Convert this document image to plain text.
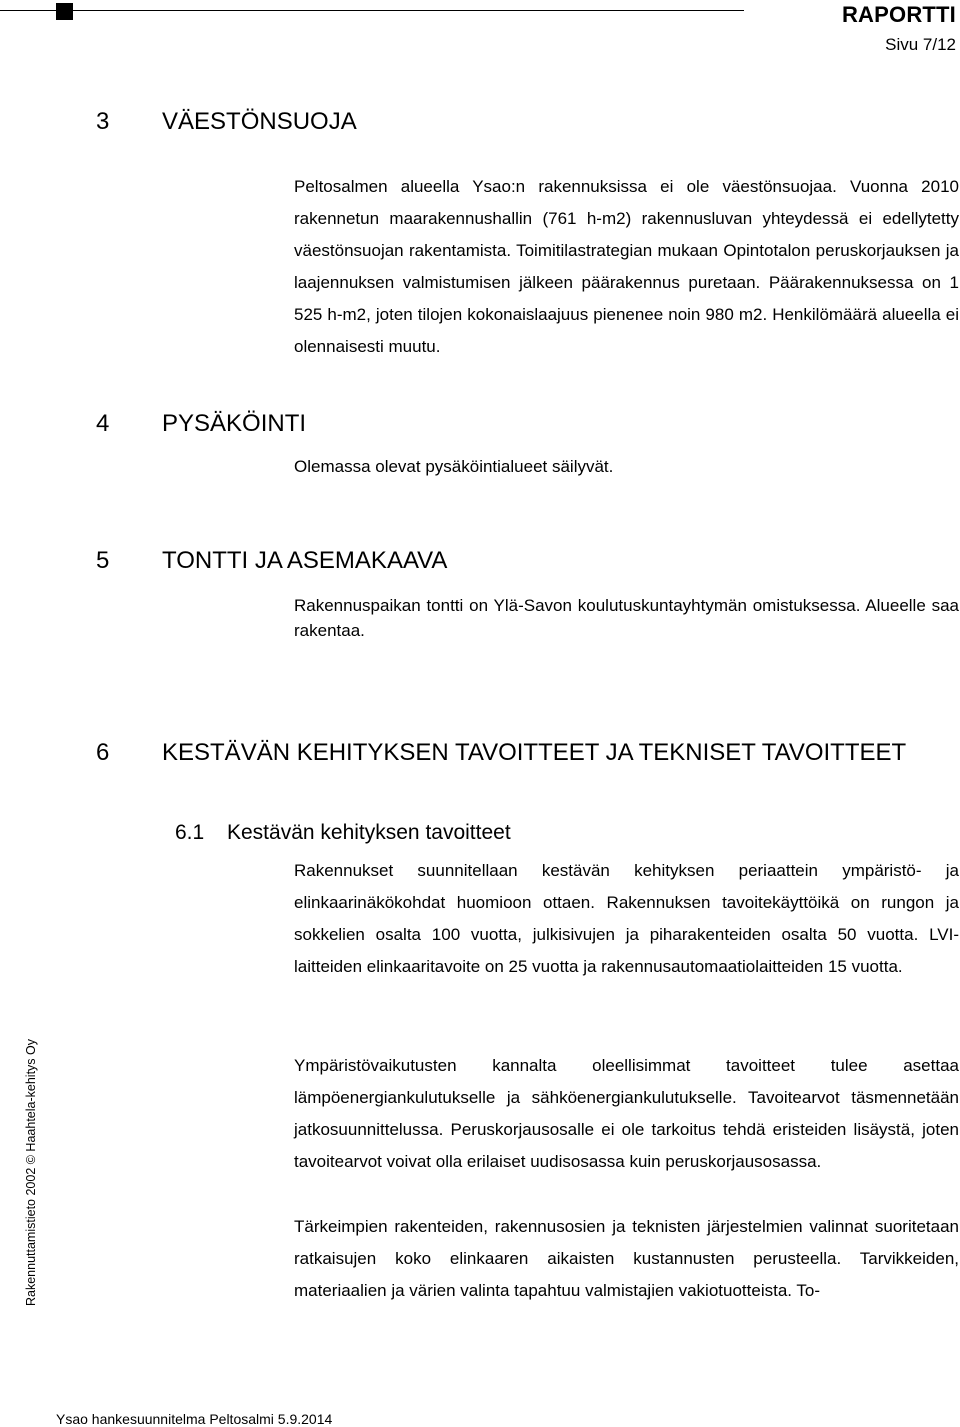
RAPORTTI
Sivu 7/12
3 VÄESTÖNSUOJA

Peltosalmen alueella Ysao:n rakennuksissa ei ole väestönsuojaa. Vuonna 2010 rakennetun maarakennushallin (761 h-m2) rakennusluvan yhteydessä ei edellytetty väestönsuojan rakentamista. Toimitilastrategian mukaan Opintotalon peruskorjauksen ja laajennuksen valmistumisen jälkeen päärakennus puretaan. Päärakennuksessa on 1 525 h-m2, joten tilojen kokonaislaajuus pienenee noin 980 m2. Henkilömäärä alueella ei olennaisesti muutu.

4 PYSÄKÖINTI

Olemassa olevat pysäköintialueet säilyvät.

5 TONTTI JA ASEMAKAAVA

Rakennuspaikan tontti on Ylä-Savon koulutuskuntayhtymän omistuksessa. Alueelle saa rakentaa.

6 KESTÄVÄN KEHITYKSEN TAVOITTEET JA TEKNISET TAVOITTEET
6.1 Kestävän kehityksen tavoitteet

Rakennukset suunnitellaan kestävän kehityksen periaattein ympäristö- ja elinkaarinäkökohdat huomioon ottaen. Rakennuksen tavoitekäyttöikä on rungon ja sokkelien osalta 100 vuotta, julkisivujen ja piharakenteiden osalta 50 vuotta. LVI-laitteiden elinkaaritavoite on 25 vuotta ja rakennusautomaatiolaitteiden 15 vuotta.

Ympäristövaikutusten kannalta oleellisimmat tavoitteet tulee asettaa lämpöenergiankulutukselle ja sähköenergiankulutukselle. Tavoitearvot täsmennetään jatkosuunnittelussa. Peruskorjausosalle ei ole tarkoitus tehdä eristeiden lisäystä, joten tavoitearvot voivat olla erilaiset uudisosassa kuin peruskorjausosassa.

Tärkeimpien rakenteiden, rakennusosien ja teknisten järjestelmien valinnat suoritetaan ratkaisujen koko elinkaaren aikaisten kustannusten perusteella. Tarvikkeiden, materiaalien ja värien valinta tapahtuu valmistajien vakiotuotteista. To-

Rakennuttamistieto 2002 © Haahtela-kehitys Oy
Ysao hankesuunnitelma Peltosalmi 5.9.2014
